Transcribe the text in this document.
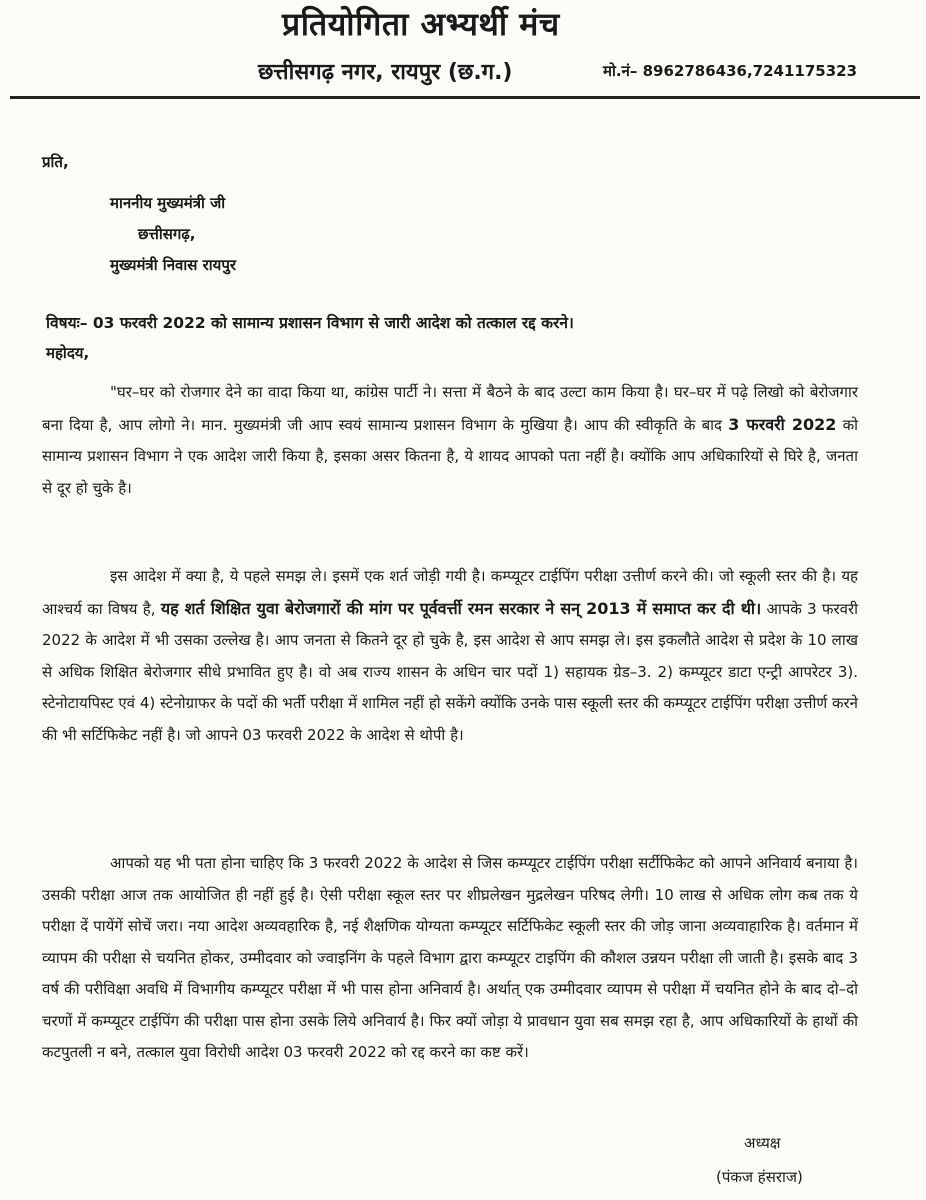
प्रतियोगिता अभ्यर्थी मंच
छत्तीसगढ़ नगर, रायपुर (छ.ग.)	मो.नं– 8962786436,7241175323
प्रति,
माननीय मुख्यमंत्री जी
छत्तीसगढ़,
मुख्यमंत्री निवास रायपुर
विषयः– 03 फरवरी 2022 को सामान्य प्रशासन विभाग से जारी आदेश को तत्काल रद्द करने।
महोदय,
"घर–घर को रोजगार देने का वादा किया था, कांग्रेस पार्टी ने। सत्ता में बैठने के बाद उल्टा काम किया है। घर–घर में पढ़े लिखो को बेरोजगार बना दिया है, आप लोगो ने। मान. मुख्यमंत्री जी आप स्वयं सामान्य प्रशासन विभाग के मुखिया है। आप की स्वीकृति के बाद 3 फरवरी 2022 को सामान्य प्रशासन विभाग ने एक आदेश जारी किया है, इसका असर कितना है, ये शायद आपको पता नहीं है। क्योंकि आप अधिकारियों से घिरे है, जनता से दूर हो चुके है।
इस आदेश में क्या है, ये पहले समझ ले। इसमें एक शर्त जोड़ी गयी है। कम्प्यूटर टाईपिंग परीक्षा उत्तीर्ण करने की। जो स्कूली स्तर की है। यह आश्चर्य का विषय है, यह शर्त शिक्षित युवा बेरोजगारों की मांग पर पूर्ववर्त्ती रमन सरकार ने सन् 2013 में समाप्त कर दी थी। आपके 3 फरवरी 2022 के आदेश में भी उसका उल्लेख है। आप जनता से कितने दूर हो चुके है, इस आदेश से आप समझ ले। इस इकलौते आदेश से प्रदेश के 10 लाख से अधिक शिक्षित बेरोजगार सीधे प्रभावित हुए है। वो अब राज्य शासन के अधिन चार पदों 1) सहायक ग्रेड–3. 2) कम्प्यूटर डाटा एन्ट्री आपरेटर 3). स्टेनोटायपिस्ट एवं 4) स्टेनोग्राफर के पदों की भर्ती परीक्षा में शामिल नहीं हो सकेंगे क्योंकि उनके पास स्कूली स्तर की कम्प्यूटर टाईपिंग परीक्षा उत्तीर्ण करने की भी सर्टिफिकेट नहीं है। जो आपने 03 फरवरी 2022 के आदेश से थोपी है।
आपको यह भी पता होना चाहिए कि 3 फरवरी 2022 के आदेश से जिस कम्प्यूटर टाईपिंग परीक्षा सर्टीफिकेट को आपने अनिवार्य बनाया है। उसकी परीक्षा आज तक आयोजित ही नहीं हुई है। ऐसी परीक्षा स्कूल स्तर पर शीघ्रलेखन मुद्रलेखन परिषद लेगी। 10 लाख से अधिक लोग कब तक ये परीक्षा दें पायेंगें सोचें जरा। नया आदेश अव्यवहारिक है, नई शैक्षणिक योग्यता कम्प्यूटर सर्टिफिकेट स्कूली स्तर की जोड़ जाना अव्यवाहारिक है। वर्तमान में व्यापम की परीक्षा से चयनित होकर, उम्मीदवार को ज्वाइनिंग के पहले विभाग द्वारा कम्प्यूटर टाइपिंग की कौशल उन्नयन परीक्षा ली जाती है। इसके बाद 3 वर्ष की परीविक्षा अवधि में विभागीय कम्प्यूटर परीक्षा में भी पास होना अनिवार्य है। अर्थात् एक उम्मीदवार व्यापम से परीक्षा में चयनित होने के बाद दो–दो चरणों में कम्प्यूटर टाईपिंग की परीक्षा पास होना उसके लिये अनिवार्य है। फिर क्यों जोड़ा ये प्रावधान युवा सब समझ रहा है, आप अधिकारियों के हाथों की कटपुतली न बने, तत्काल युवा विरोधी आदेश 03 फरवरी 2022 को रद्द करने का कष्ट करें।
अध्यक्ष
(पंकज हंसराज)
